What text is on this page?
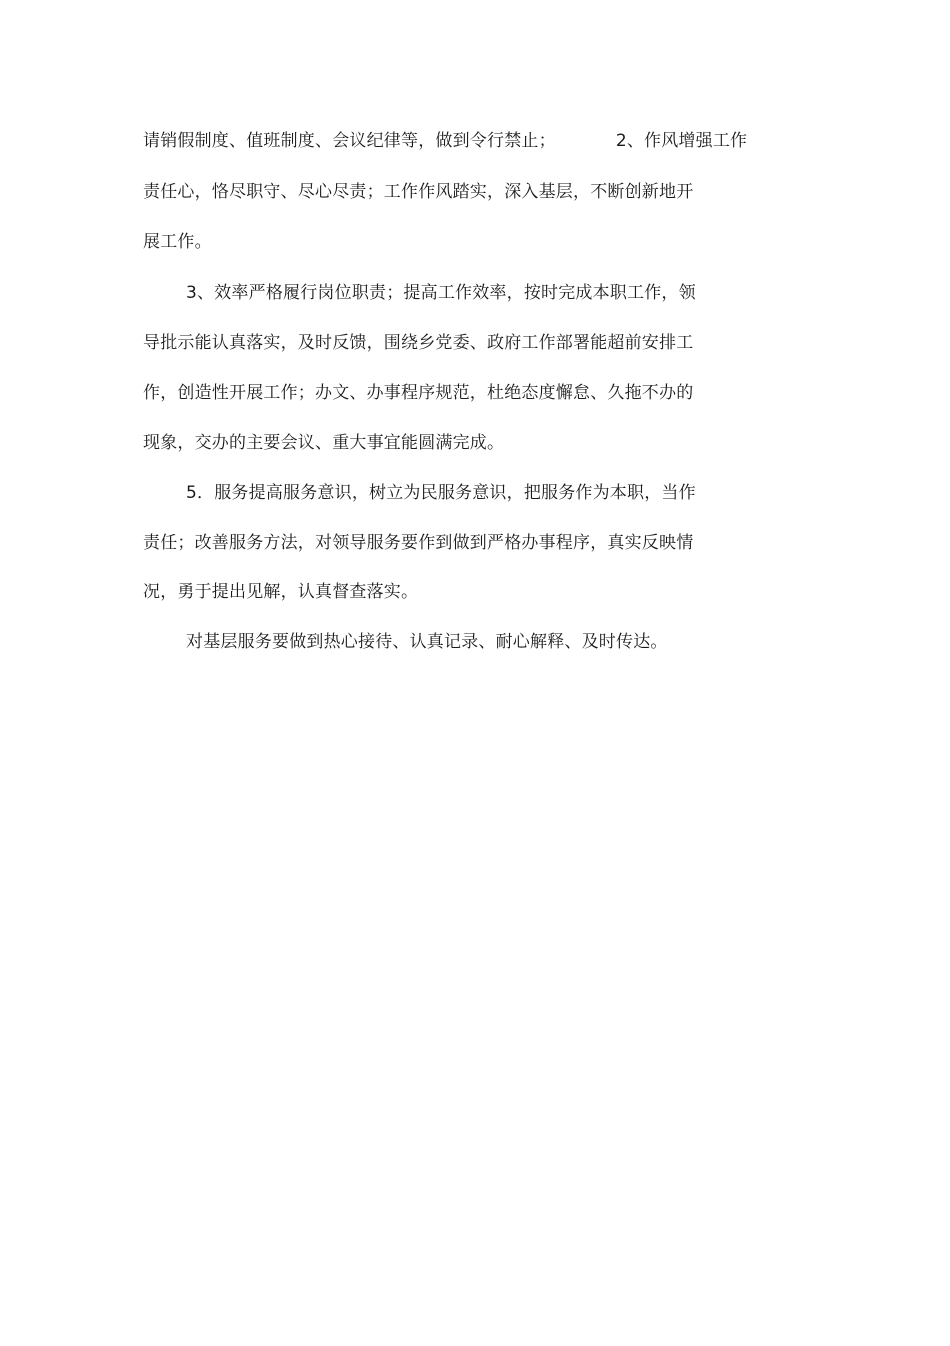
请销假制度、值班制度、会议纪律等，做到令行禁止；	2、作风增强工作
责任心，恪尽职守、尽心尽责；工作作风踏实，深入基层，不断创新地开
展工作。
3、效率严格履行岗位职责；提高工作效率，按时完成本职工作，领
导批示能认真落实，及时反馈，围绕乡党委、政府工作部署能超前安排工
作，创造性开展工作；办文、办事程序规范，杜绝态度懈怠、久拖不办的
现象，交办的主要会议、重大事宜能圆满完成。
5．服务提高服务意识，树立为民服务意识，把服务作为本职，当作
责任；改善服务方法，对领导服务要作到做到严格办事程序，真实反映情
况，勇于提出见解，认真督查落实。
对基层服务要做到热心接待、认真记录、耐心解释、及时传达。
